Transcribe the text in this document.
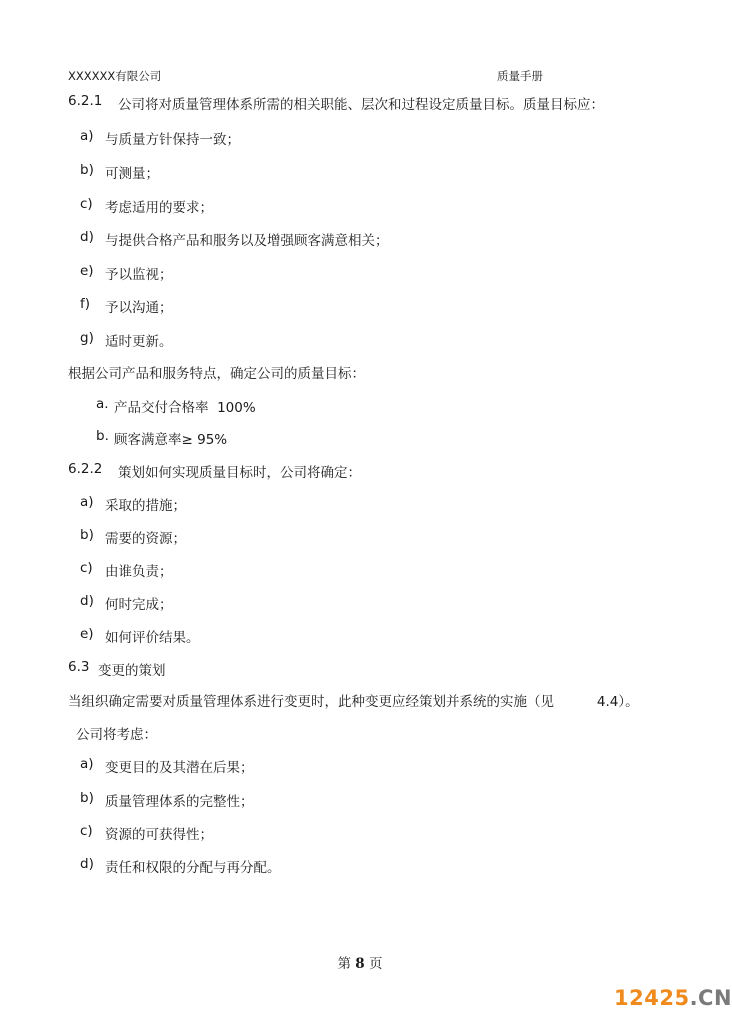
XXXXXX有限公司	质量手册
6.2.1 公司将对质量管理体系所需的相关职能、层次和过程设定质量目标。质量目标应：
a) 与质量方针保持一致；
b) 可测量；
c) 考虑适用的要求；
d) 与提供合格产品和服务以及增强顾客满意相关；
e) 予以监视；
f) 予以沟通；
g) 适时更新。
根据公司产品和服务特点，确定公司的质量目标：
a. 产品交付合格率  100%
b. 顾客满意率≥ 95%
6.2.2 策划如何实现质量目标时，公司将确定：
a) 采取的措施；
b) 需要的资源；
c) 由谁负责；
d) 何时完成；
e) 如何评价结果。
6.3 变更的策划
当组织确定需要对质量管理体系进行变更时，此种变更应经策划并系统的实施（见          4.4）。
公司将考虑：
a) 变更目的及其潜在后果；
b) 质量管理体系的完整性；
c) 资源的可获得性；
d) 责任和权限的分配与再分配。
第 8 页
12425.CN
